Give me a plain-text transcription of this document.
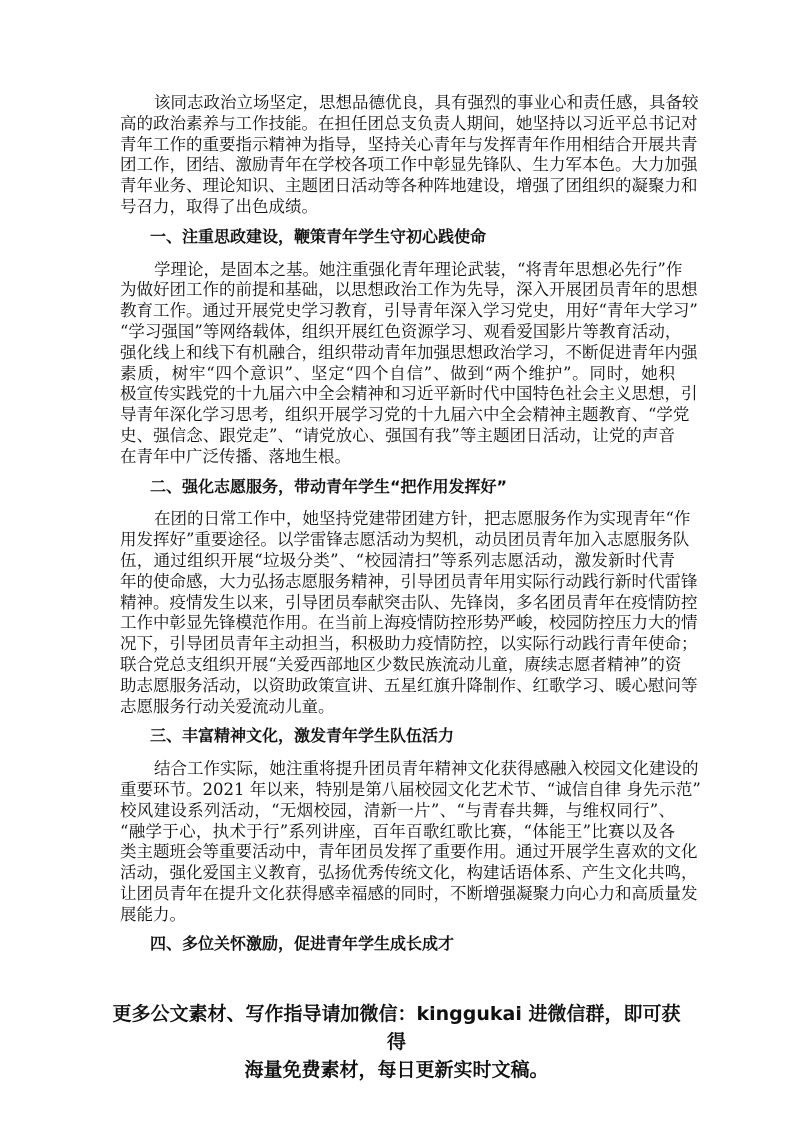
该同志政治立场坚定，思想品德优良，具有强烈的事业心和责任感，具备较
高的政治素养与工作技能。在担任团总支负责人期间，她坚持以习近平总书记对
青年工作的重要指示精神为指导，坚持关心青年与发挥青年作用相结合开展共青
团工作，团结、激励青年在学校各项工作中彰显先锋队、生力军本色。大力加强
青年业务、理论知识、主题团日活动等各种阵地建设，增强了团组织的凝聚力和
号召力，取得了出色成绩。
一、注重思政建设，鞭策青年学生守初心践使命
学理论，是固本之基。她注重强化青年理论武装，“将青年思想必先行”作
为做好团工作的前提和基础，以思想政治工作为先导，深入开展团员青年的思想
教育工作。通过开展党史学习教育，引导青年深入学习党史，用好“青年大学习”
“学习强国”等网络载体，组织开展红色资源学习、观看爱国影片等教育活动，
强化线上和线下有机融合，组织带动青年加强思想政治学习，不断促进青年内强
素质，树牢“四个意识”、坚定“四个自信”、做到“两个维护”。同时，她积
极宣传实践党的十九届六中全会精神和习近平新时代中国特色社会主义思想，引
导青年深化学习思考，组织开展学习党的十九届六中全会精神主题教育、“学党
史、强信念、跟党走”、“请党放心、强国有我”等主题团日活动，让党的声音
在青年中广泛传播、落地生根。
二、强化志愿服务，带动青年学生“把作用发挥好”
在团的日常工作中，她坚持党建带团建方针，把志愿服务作为实现青年“作
用发挥好”重要途径。以学雷锋志愿活动为契机，动员团员青年加入志愿服务队
伍，通过组织开展“垃圾分类”、“校园清扫”等系列志愿活动，激发新时代青
年的使命感，大力弘扬志愿服务精神，引导团员青年用实际行动践行新时代雷锋
精神。疫情发生以来，引导团员奉献突击队、先锋岗，多名团员青年在疫情防控
工作中彰显先锋模范作用。在当前上海疫情防控形势严峻，校园防控压力大的情
况下，引导团员青年主动担当，积极助力疫情防控，以实际行动践行青年使命；
联合党总支组织开展“关爱西部地区少数民族流动儿童，赓续志愿者精神”的资
助志愿服务活动，以资助政策宣讲、五星红旗升降制作、红歌学习、暖心慰问等
志愿服务行动关爱流动儿童。
三、丰富精神文化，激发青年学生队伍活力
结合工作实际，她注重将提升团员青年精神文化获得感融入校园文化建设的
重要环节。2021 年以来，特别是第八届校园文化艺术节、“诚信自律 身先示范”
校风建设系列活动，“无烟校园，清新一片”、“与青春共舞，与维权同行”、
“融学于心，执术于行”系列讲座，百年百歌红歌比赛，“体能王”比赛以及各
类主题班会等重要活动中，青年团员发挥了重要作用。通过开展学生喜欢的文化
活动，强化爱国主义教育，弘扬优秀传统文化，构建话语体系、产生文化共鸣，
让团员青年在提升文化获得感幸福感的同时，不断增强凝聚力向心力和高质量发
展能力。
四、多位关怀激励，促进青年学生成长成才
更多公文素材、写作指导请加微信：kinggukai 进微信群，即可获得
海量免费素材，每日更新实时文稿。
